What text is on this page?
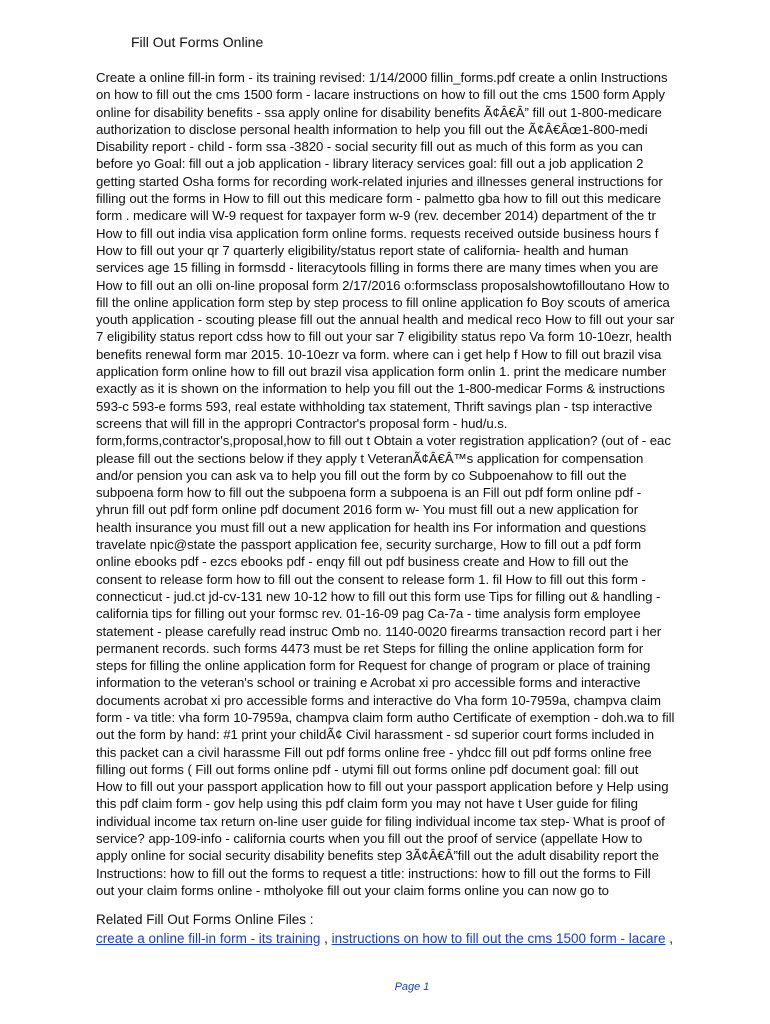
Fill Out Forms Online
Create a online fill-in form - its training revised: 1/14/2000 fillin_forms.pdf create a onlin Instructions
on how to fill out the cms 1500 form - lacare instructions on how to fill out the cms 1500 form Apply
online for disability benefits - ssa apply online for disability benefits Ã¢Â€Â” fill out 1-800-medicare
authorization to disclose personal health information to help you fill out the Ã¢Â€Âœ1-800-medi
Disability report - child - form ssa -3820 - social security fill out as much of this form as you can
before yo Goal: fill out a job application - library literacy services goal: fill out a job application 2
getting started Osha forms for recording work-related injuries and illnesses general instructions for
filling out the forms in How to fill out this medicare form - palmetto gba how to fill out this medicare
form . medicare will W-9 request for taxpayer form w-9 (rev. december 2014) department of the tr
How to fill out india visa application form online forms. requests received outside business hours f
How to fill out your qr 7 quarterly eligibility/status report state of california- health and human
services age 15 filling in formsdd - literacytools filling in forms there are many times when you are
How to fill out an olli on-line proposal form 2/17/2016 o:formsclass proposalshowtofilloutano How to
fill the online application form step by step process to fill online application fo Boy scouts of america
youth application - scouting please fill out the annual health and medical reco How to fill out your sar
7 eligibility status report cdss how to fill out your sar 7 eligibility status repo Va form 10-10ezr, health
benefits renewal form mar 2015. 10-10ezr va form. where can i get help f How to fill out brazil visa
application form online how to fill out brazil visa application form onlin 1. print the medicare number
exactly as it is shown on the information to help you fill out the 1-800-medicar Forms & instructions
593-c 593-e forms 593, real estate withholding tax statement, Thrift savings plan - tsp interactive
screens that will fill in the appropri Contractor's proposal form - hud/u.s.
form,forms,contractor's,proposal,how to fill out t Obtain a voter registration application? (out of - eac
please fill out the sections below if they apply t VeteranÃ¢Â€Â™s application for compensation
and/or pension you can ask va to help you fill out the form by co Subpoenahow to fill out the
subpoena form how to fill out the subpoena form a subpoena is an Fill out pdf form online pdf -
yhrun fill out pdf form online pdf document 2016 form w- You must fill out a new application for
health insurance you must fill out a new application for health ins For information and questions
travelate npic@state the passport application fee, security surcharge, How to fill out a pdf form
online ebooks pdf - ezcs ebooks pdf - enqy fill out pdf business create and How to fill out the
consent to release form how to fill out the consent to release form 1. fil How to fill out this form -
connecticut - jud.ct jd-cv-131 new 10-12 how to fill out this form use Tips for filling out & handling -
california tips for filling out your formsc rev. 01-16-09 pag Ca-7a - time analysis form employee
statement - please carefully read instruc Omb no. 1140-0020 firearms transaction record part i her
permanent records. such forms 4473 must be ret Steps for filling the online application form for
steps for filling the online application form for Request for change of program or place of training
information to the veteran's school or training e Acrobat xi pro accessible forms and interactive
documents acrobat xi pro accessible forms and interactive do Vha form 10-7959a, champva claim
form - va title: vha form 10-7959a, champva claim form autho Certificate of exemption - doh.wa to fill
out the form by hand: #1 print your childÃ¢ Civil harassment - sd superior court forms included in
this packet can a civil harassme Fill out pdf forms online free - yhdcc fill out pdf forms online free
filling out forms ( Fill out forms online pdf - utymi fill out forms online pdf document goal: fill out
How to fill out your passport application how to fill out your passport application before y Help using
this pdf claim form - gov help using this pdf claim form you may not have t User guide for filing
individual income tax return on-line user guide for filing individual income tax step- What is proof of
service? app-109-info - california courts when you fill out the proof of service (appellate How to
apply online for social security disability benefits step 3Ã¢Â€Â”fill out the adult disability report the
Instructions: how to fill out the forms to request a title: instructions: how to fill out the forms to Fill
out your claim forms online - mtholyoke fill out your claim forms online you can now go to
Related Fill Out Forms Online Files :
create a online fill-in form - its training , instructions on how to fill out the cms 1500 form - lacare ,
Page 1
